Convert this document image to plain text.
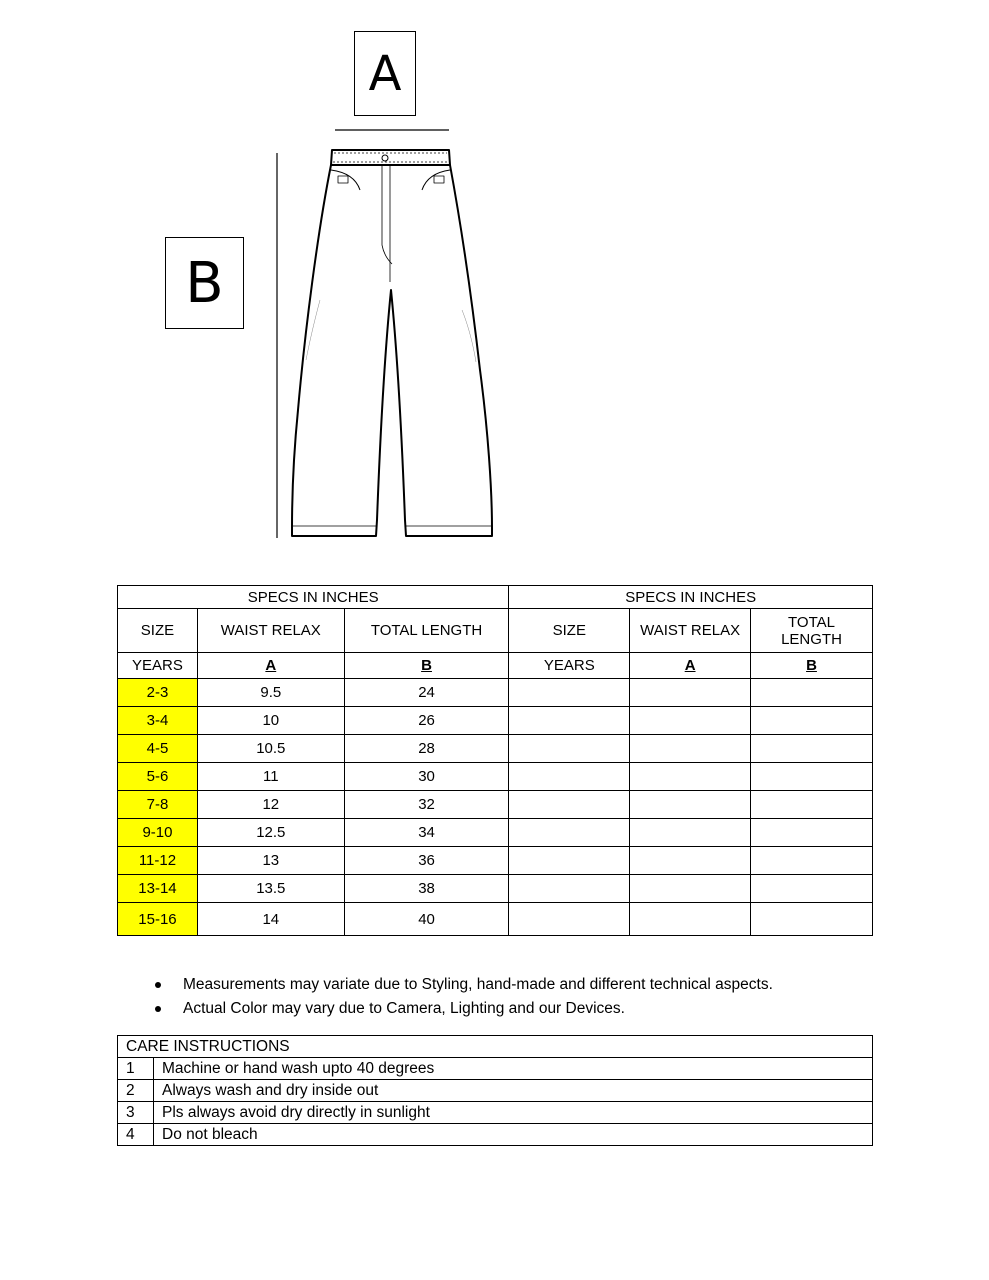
A
B
SPECS IN INCHES			SPECS IN INCHES		
SIZE	WAIST RELAX	TOTAL LENGTH	SIZE	WAIST RELAX	TOTAL LENGTH
YEARS	A	B	YEARS	A	B
2-3	9.5	24			
3-4	10	26			
4-5	10.5	28			
5-6	11	30			
7-8	12	32			
9-10	12.5	34			
11-12	13	36			
13-14	13.5	38			
15-16	14	40			
Measurements may variate due to Styling, hand-made and different technical aspects.
Actual Color may vary due to Camera, Lighting and our Devices.
CARE INSTRUCTIONS	
1	Machine or hand wash upto 40 degrees
2	Always wash and dry inside out
3	Pls always avoid dry directly in sunlight
4	Do not bleach
